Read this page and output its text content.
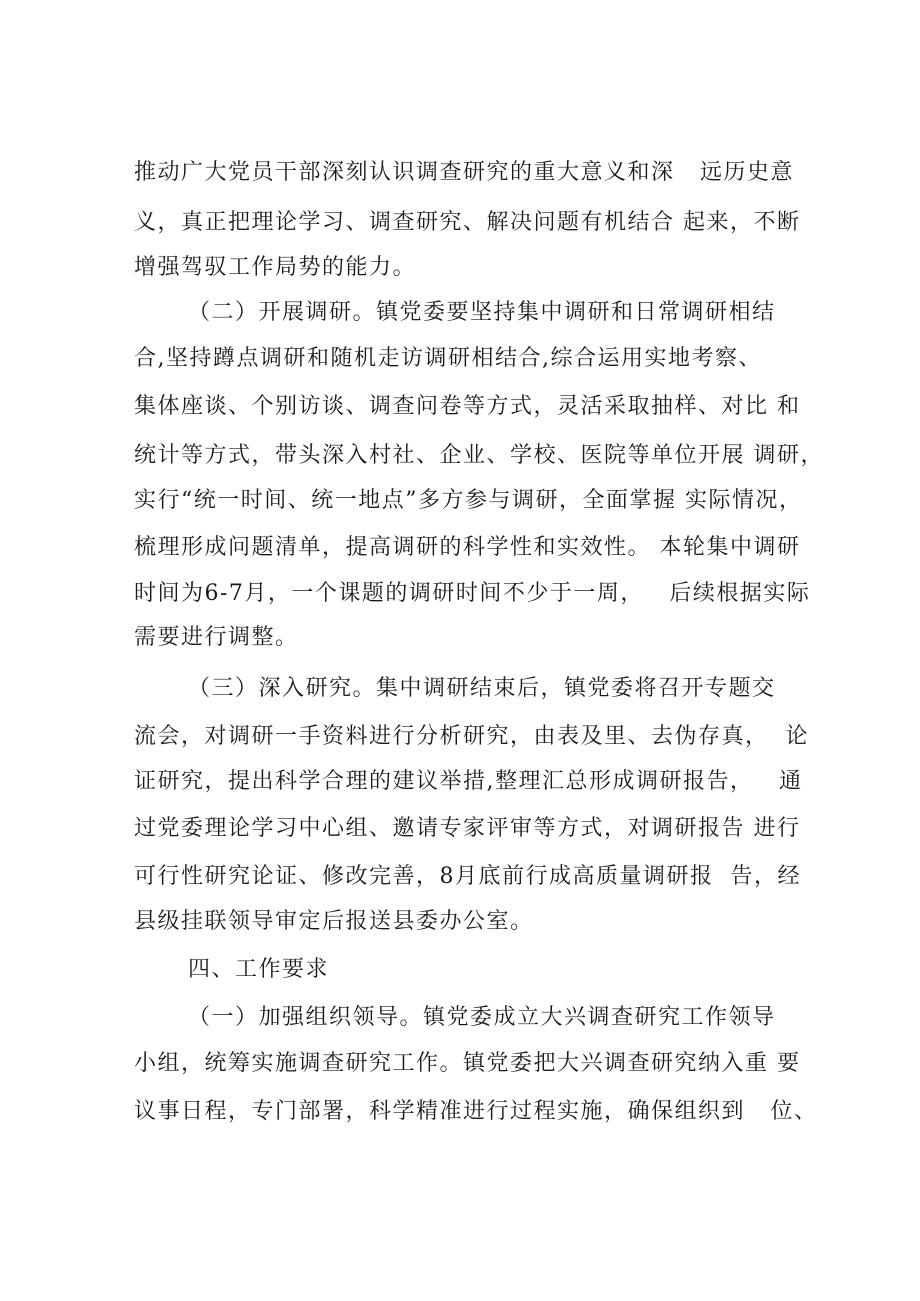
推动广大党员干部深刻认识调查研究的重大意义和深   远历史意
义，真正把理论学习、调查研究、解决问题有机结合 起来，不断
增强驾驭工作局势的能力。
（二）开展调研。镇党委要坚持集中调研和日常调研相结
合,坚持蹲点调研和随机走访调研相结合,综合运用实地考察、
集体座谈、个别访谈、调查问卷等方式，灵活采取抽样、对比 和
统计等方式，带头深入村社、企业、学校、医院等单位开展 调研，
实行“统一时间、统一地点”多方参与调研，全面掌握 实际情况，
梳理形成问题清单，提高调研的科学性和实效性。 本轮集中调研
时间为6-7月，一个课题的调研时间不少于一周，   后续根据实际
需要进行调整。
（三）深入研究。集中调研结束后，镇党委将召开专题交
流会，对调研一手资料进行分析研究，由表及里、去伪存真，  论
证研究，提出科学合理的建议举措,整理汇总形成调研报告，   通
过党委理论学习中心组、邀请专家评审等方式，对调研报告 进行
可行性研究论证、修改完善，8月底前行成高质量调研报  告，经
县级挂联领导审定后报送县委办公室。
四、工作要求
（一）加强组织领导。镇党委成立大兴调查研究工作领导
小组，统筹实施调查研究工作。镇党委把大兴调查研究纳入重 要
议事日程，专门部署，科学精准进行过程实施，确保组织到   位、
